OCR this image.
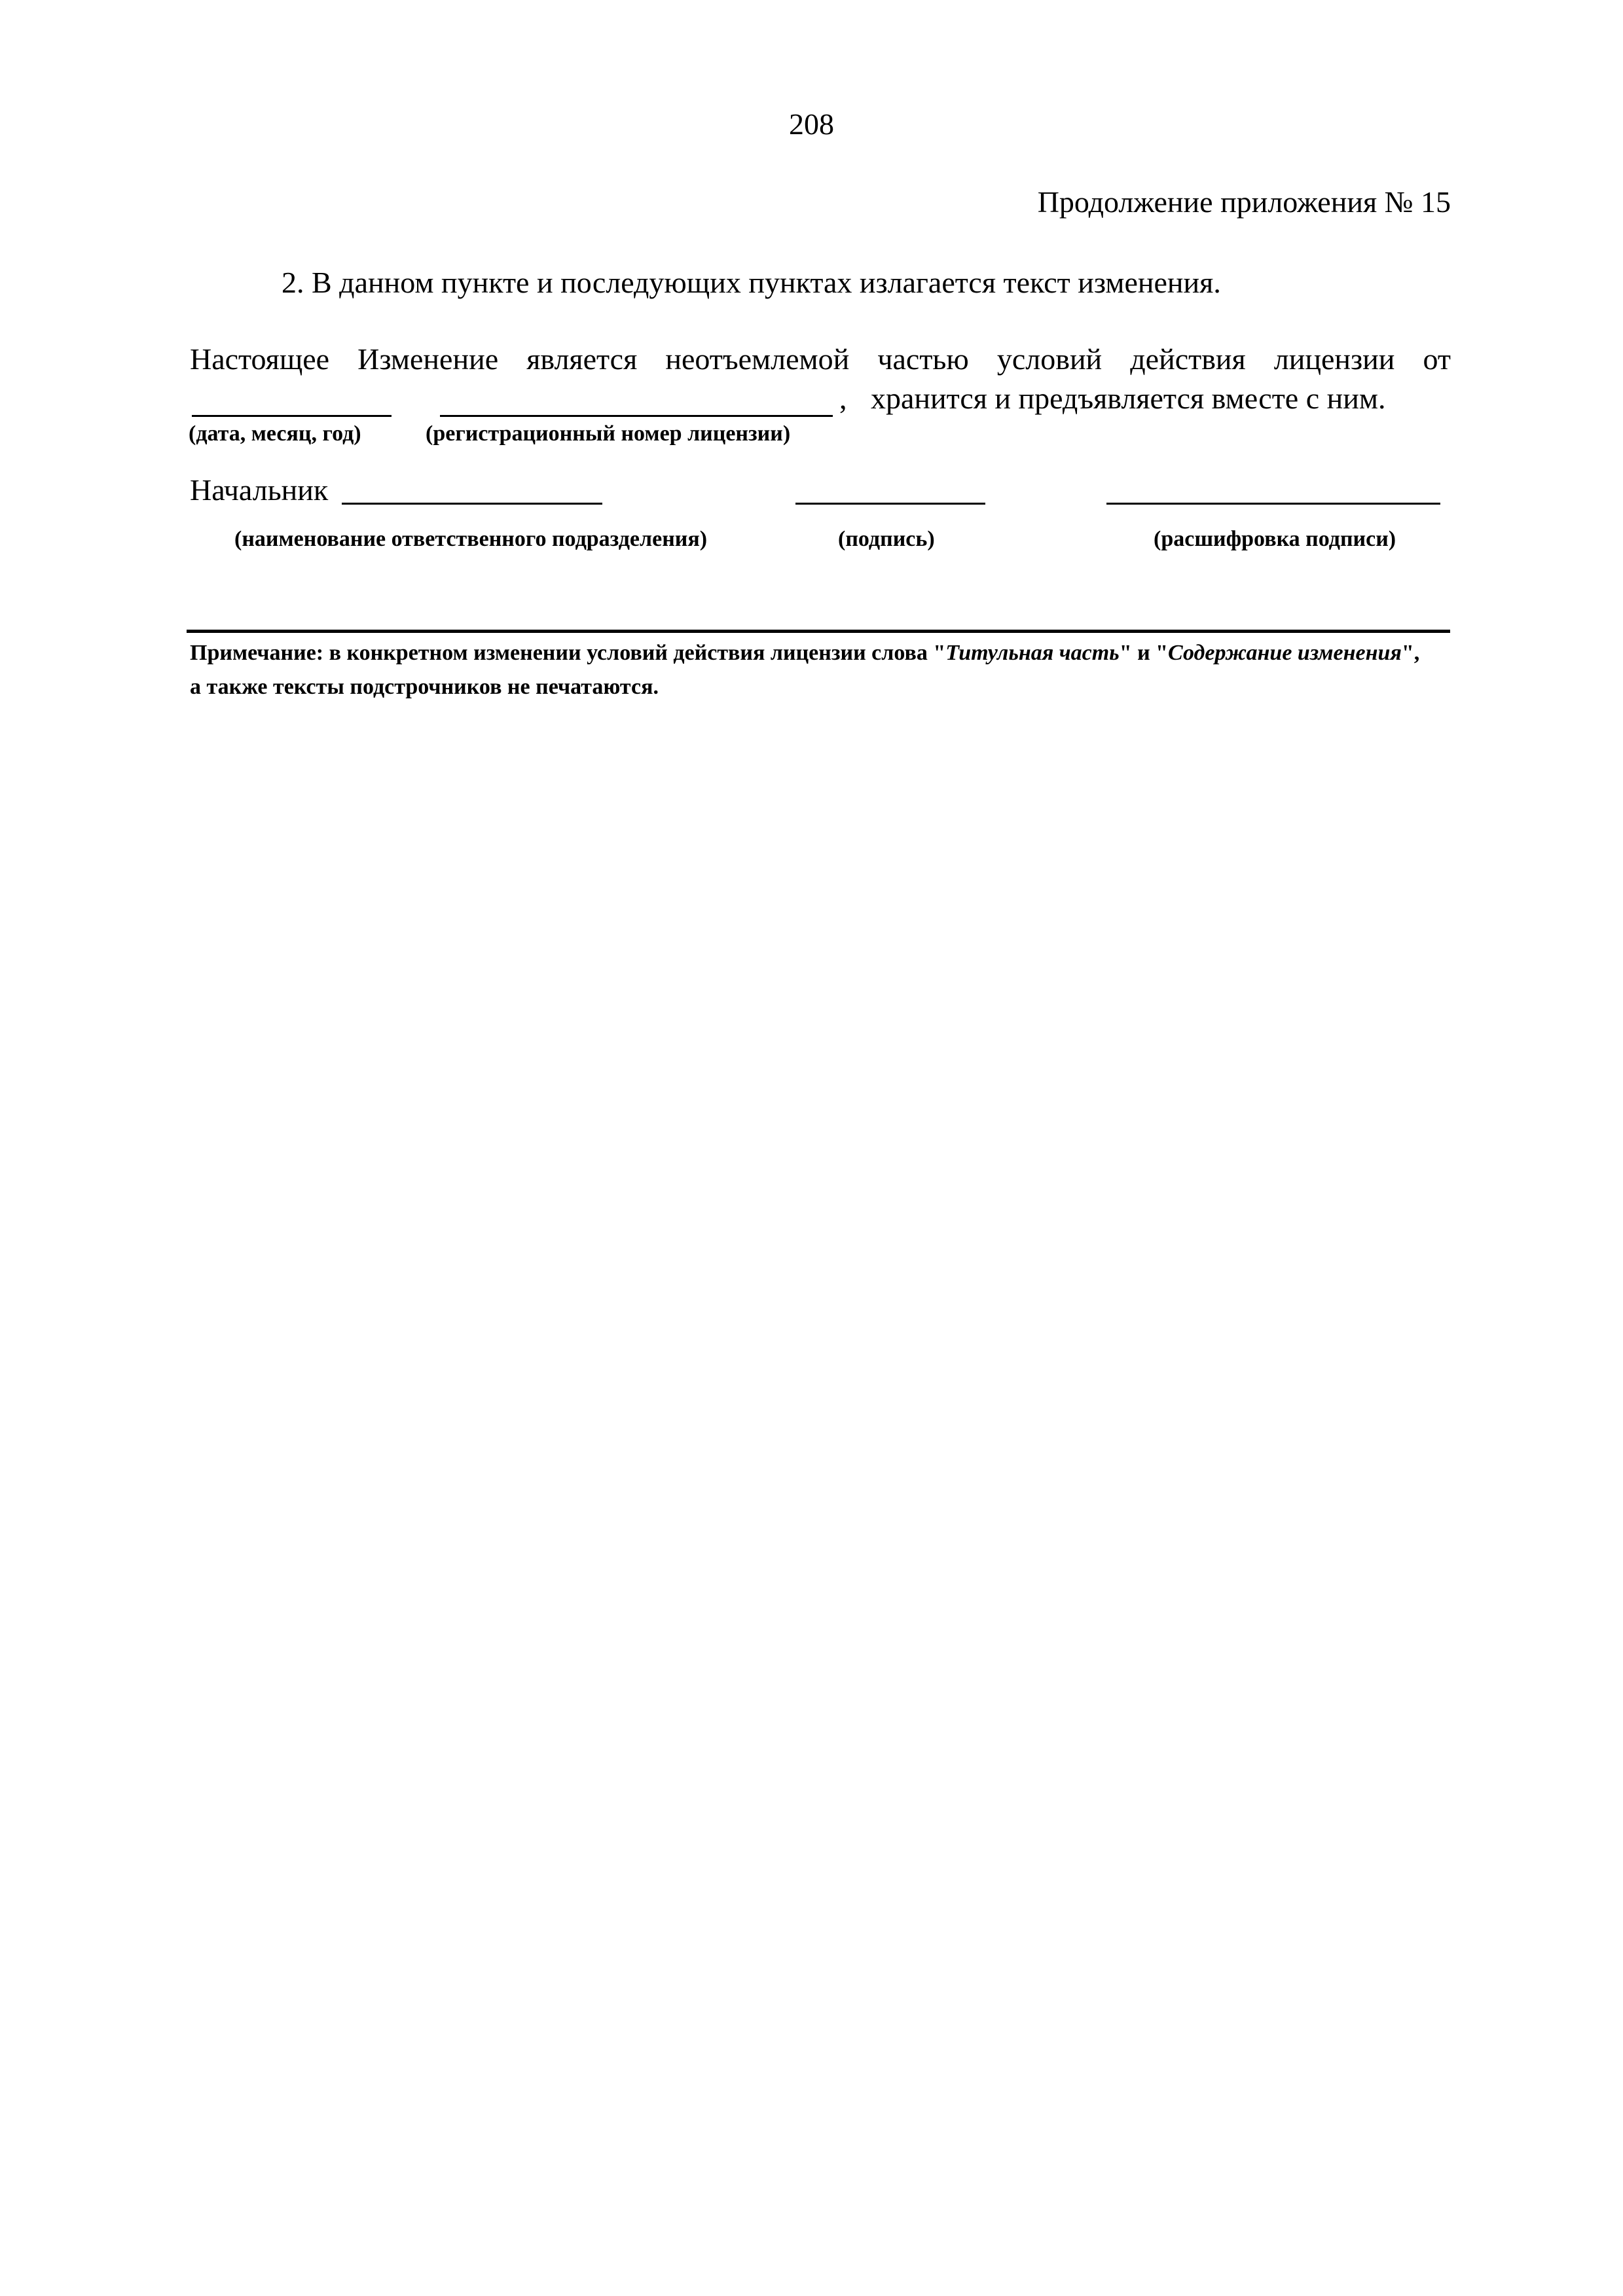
208
Продолжение приложения № 15
2. В данном пункте и последующих пунктах излагается текст изменения.
Настоящее Изменение является неотъемлемой частью условий действия лицензии от
, хранится и предъявляется вместе с ним.
(дата, месяц, год)	(регистрационный номер лицензии)
Начальник
(наименование ответственного подразделения)	(подпись)	(расшифровка подписи)
Примечание: в конкретном изменении условий действия лицензии слова "Титульная часть" и "Содержание изменения", а также тексты подстрочников не печатаются.
